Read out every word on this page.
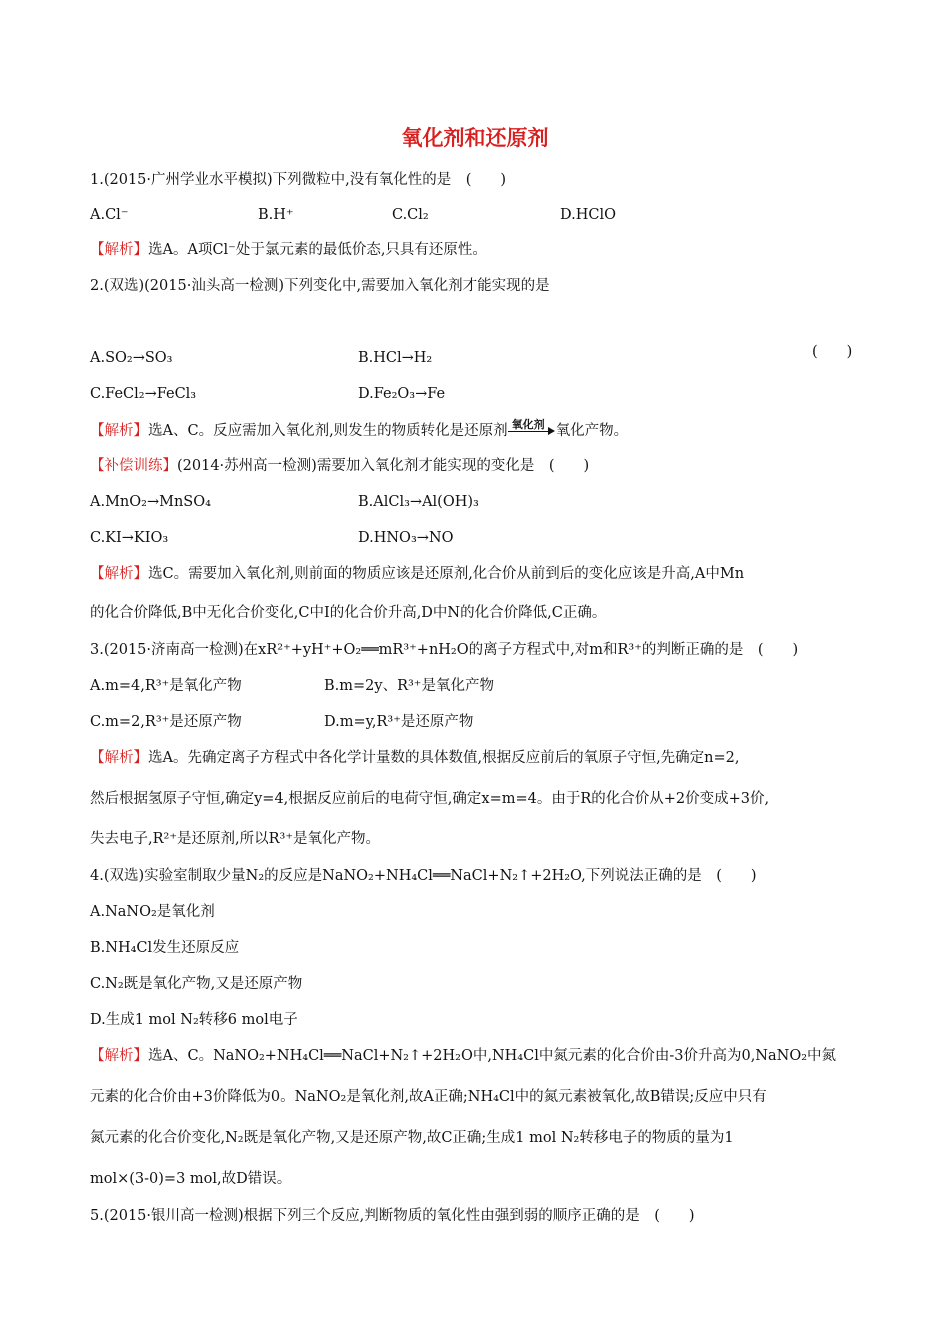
氧化剂和还原剂
1.(2015·广州学业水平模拟)下列微粒中,没有氧化性的是　(　　)
A.Cl⁻	B.H⁺	C.Cl₂	D.HClO
【解析】选A。A项Cl⁻处于氯元素的最低价态,只具有还原性。
2.(双选)(2015·汕头高一检测)下列变化中,需要加入氧化剂才能实现的是
(　　)
A.SO₂→SO₃	B.HCl→H₂
C.FeCl₂→FeCl₃	D.Fe₂O₃→Fe
【解析】选A、C。反应需加入氧化剂,则发生的物质转化是还原剂 氧化剂 氧化产物。
【补偿训练】(2014·苏州高一检测)需要加入氧化剂才能实现的变化是　(　　)
A.MnO₂→MnSO₄	B.AlCl₃→Al(OH)₃
C.KI→KIO₃	D.HNO₃→NO
【解析】选C。需要加入氧化剂,则前面的物质应该是还原剂,化合价从前到后的变化应该是升高,A中Mn
的化合价降低,B中无化合价变化,C中I的化合价升高,D中N的化合价降低,C正确。
3.(2015·济南高一检测)在xR²⁺+yH⁺+O₂══mR³⁺+nH₂O的离子方程式中,对m和R³⁺的判断正确的是　(　　)
A.m=4,R³⁺是氧化产物	B.m=2y、R³⁺是氧化产物
C.m=2,R³⁺是还原产物	D.m=y,R³⁺是还原产物
【解析】选A。先确定离子方程式中各化学计量数的具体数值,根据反应前后的氧原子守恒,先确定n=2,
然后根据氢原子守恒,确定y=4,根据反应前后的电荷守恒,确定x=m=4。由于R的化合价从+2价变成+3价,
失去电子,R²⁺是还原剂,所以R³⁺是氧化产物。
4.(双选)实验室制取少量N₂的反应是NaNO₂+NH₄Cl══NaCl+N₂↑+2H₂O,下列说法正确的是　(　　)
A.NaNO₂是氧化剂
B.NH₄Cl发生还原反应
C.N₂既是氧化产物,又是还原产物
D.生成1 mol N₂转移6 mol电子
【解析】选A、C。NaNO₂+NH₄Cl══NaCl+N₂↑+2H₂O中,NH₄Cl中氮元素的化合价由-3价升高为0,NaNO₂中氮
元素的化合价由+3价降低为0。NaNO₂是氧化剂,故A正确;NH₄Cl中的氮元素被氧化,故B错误;反应中只有
氮元素的化合价变化,N₂既是氧化产物,又是还原产物,故C正确;生成1 mol N₂转移电子的物质的量为1
mol×(3-0)=3 mol,故D错误。
5.(2015·银川高一检测)根据下列三个反应,判断物质的氧化性由强到弱的顺序正确的是　(　　)
